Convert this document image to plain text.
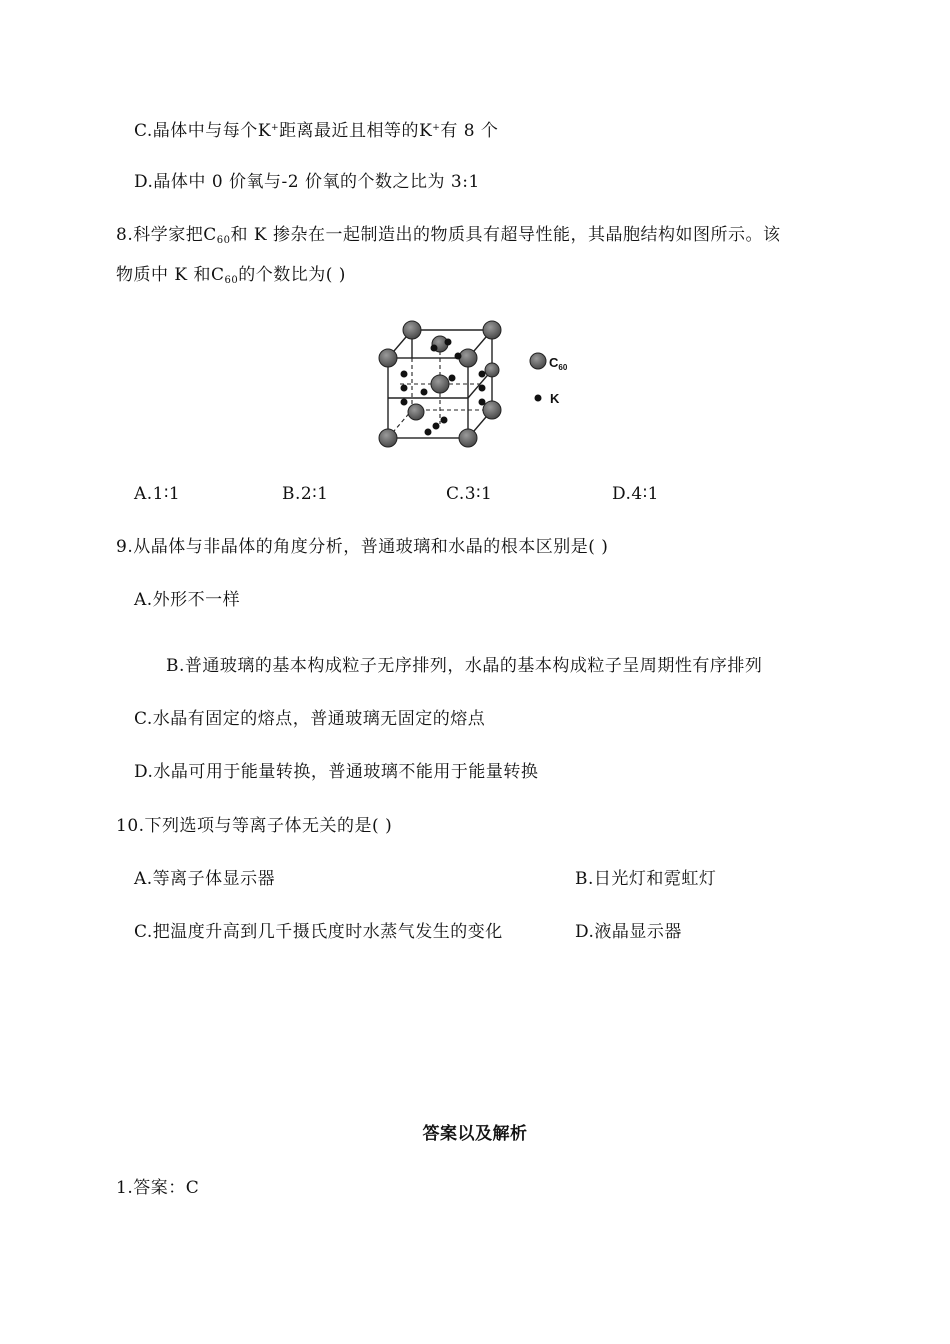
C.晶体中与每个K+距离最近且相等的K+有 8 个
D.晶体中 0 价氧与-2 价氧的个数之比为 3:1
8.科学家把$C_{60}$和 K 掺杂在一起制造出的物质具有超导性能，其晶胞结构如图所示。该
物质中 K 和$C_{60}$的个数比为( )
$C_{60}$
K
A.1∶1	B.2∶1	C.3∶1	D.4∶1
9.从晶体与非晶体的角度分析，普通玻璃和水晶的根本区别是( )
A.外形不一样
B.普通玻璃的基本构成粒子无序排列，水晶的基本构成粒子呈周期性有序排列
C.水晶有固定的熔点，普通玻璃无固定的熔点
D.水晶可用于能量转换，普通玻璃不能用于能量转换
10.下列选项与等离子体无关的是( )
A.等离子体显示器	B.日光灯和霓虹灯
C.把温度升高到几千摄氏度时水蒸气发生的变化	D.液晶显示器
答案以及解析
1.答案：C
